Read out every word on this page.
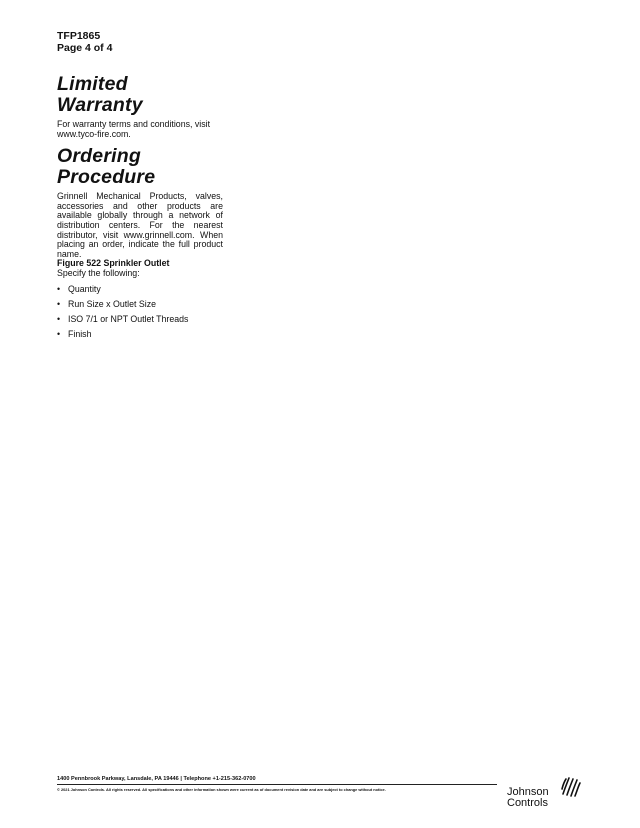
TFP1865
Page 4 of 4
Limited
Warranty

For warranty terms and conditions, visit www.tyco-fire.com.

Ordering
Procedure

Grinnell Mechanical Products, valves, accessories and other products are available globally through a network of distribution centers. For the nearest distributor, visit www.grinnell.com. When placing an order, indicate the full product name.

Figure 522 Sprinkler Outlet

Specify the following:

• Quantity
• Run Size x Outlet Size
• ISO 7/1 or NPT Outlet Threads
• Finish
1400 Pennbrook Parkway, Lansdale, PA 19446 | Telephone +1-215-362-0700
© 2021 Johnson Controls. All rights reserved. All specifications and other information shown were current as of document revision date and are subject to change without notice.	Johnson
Controls
